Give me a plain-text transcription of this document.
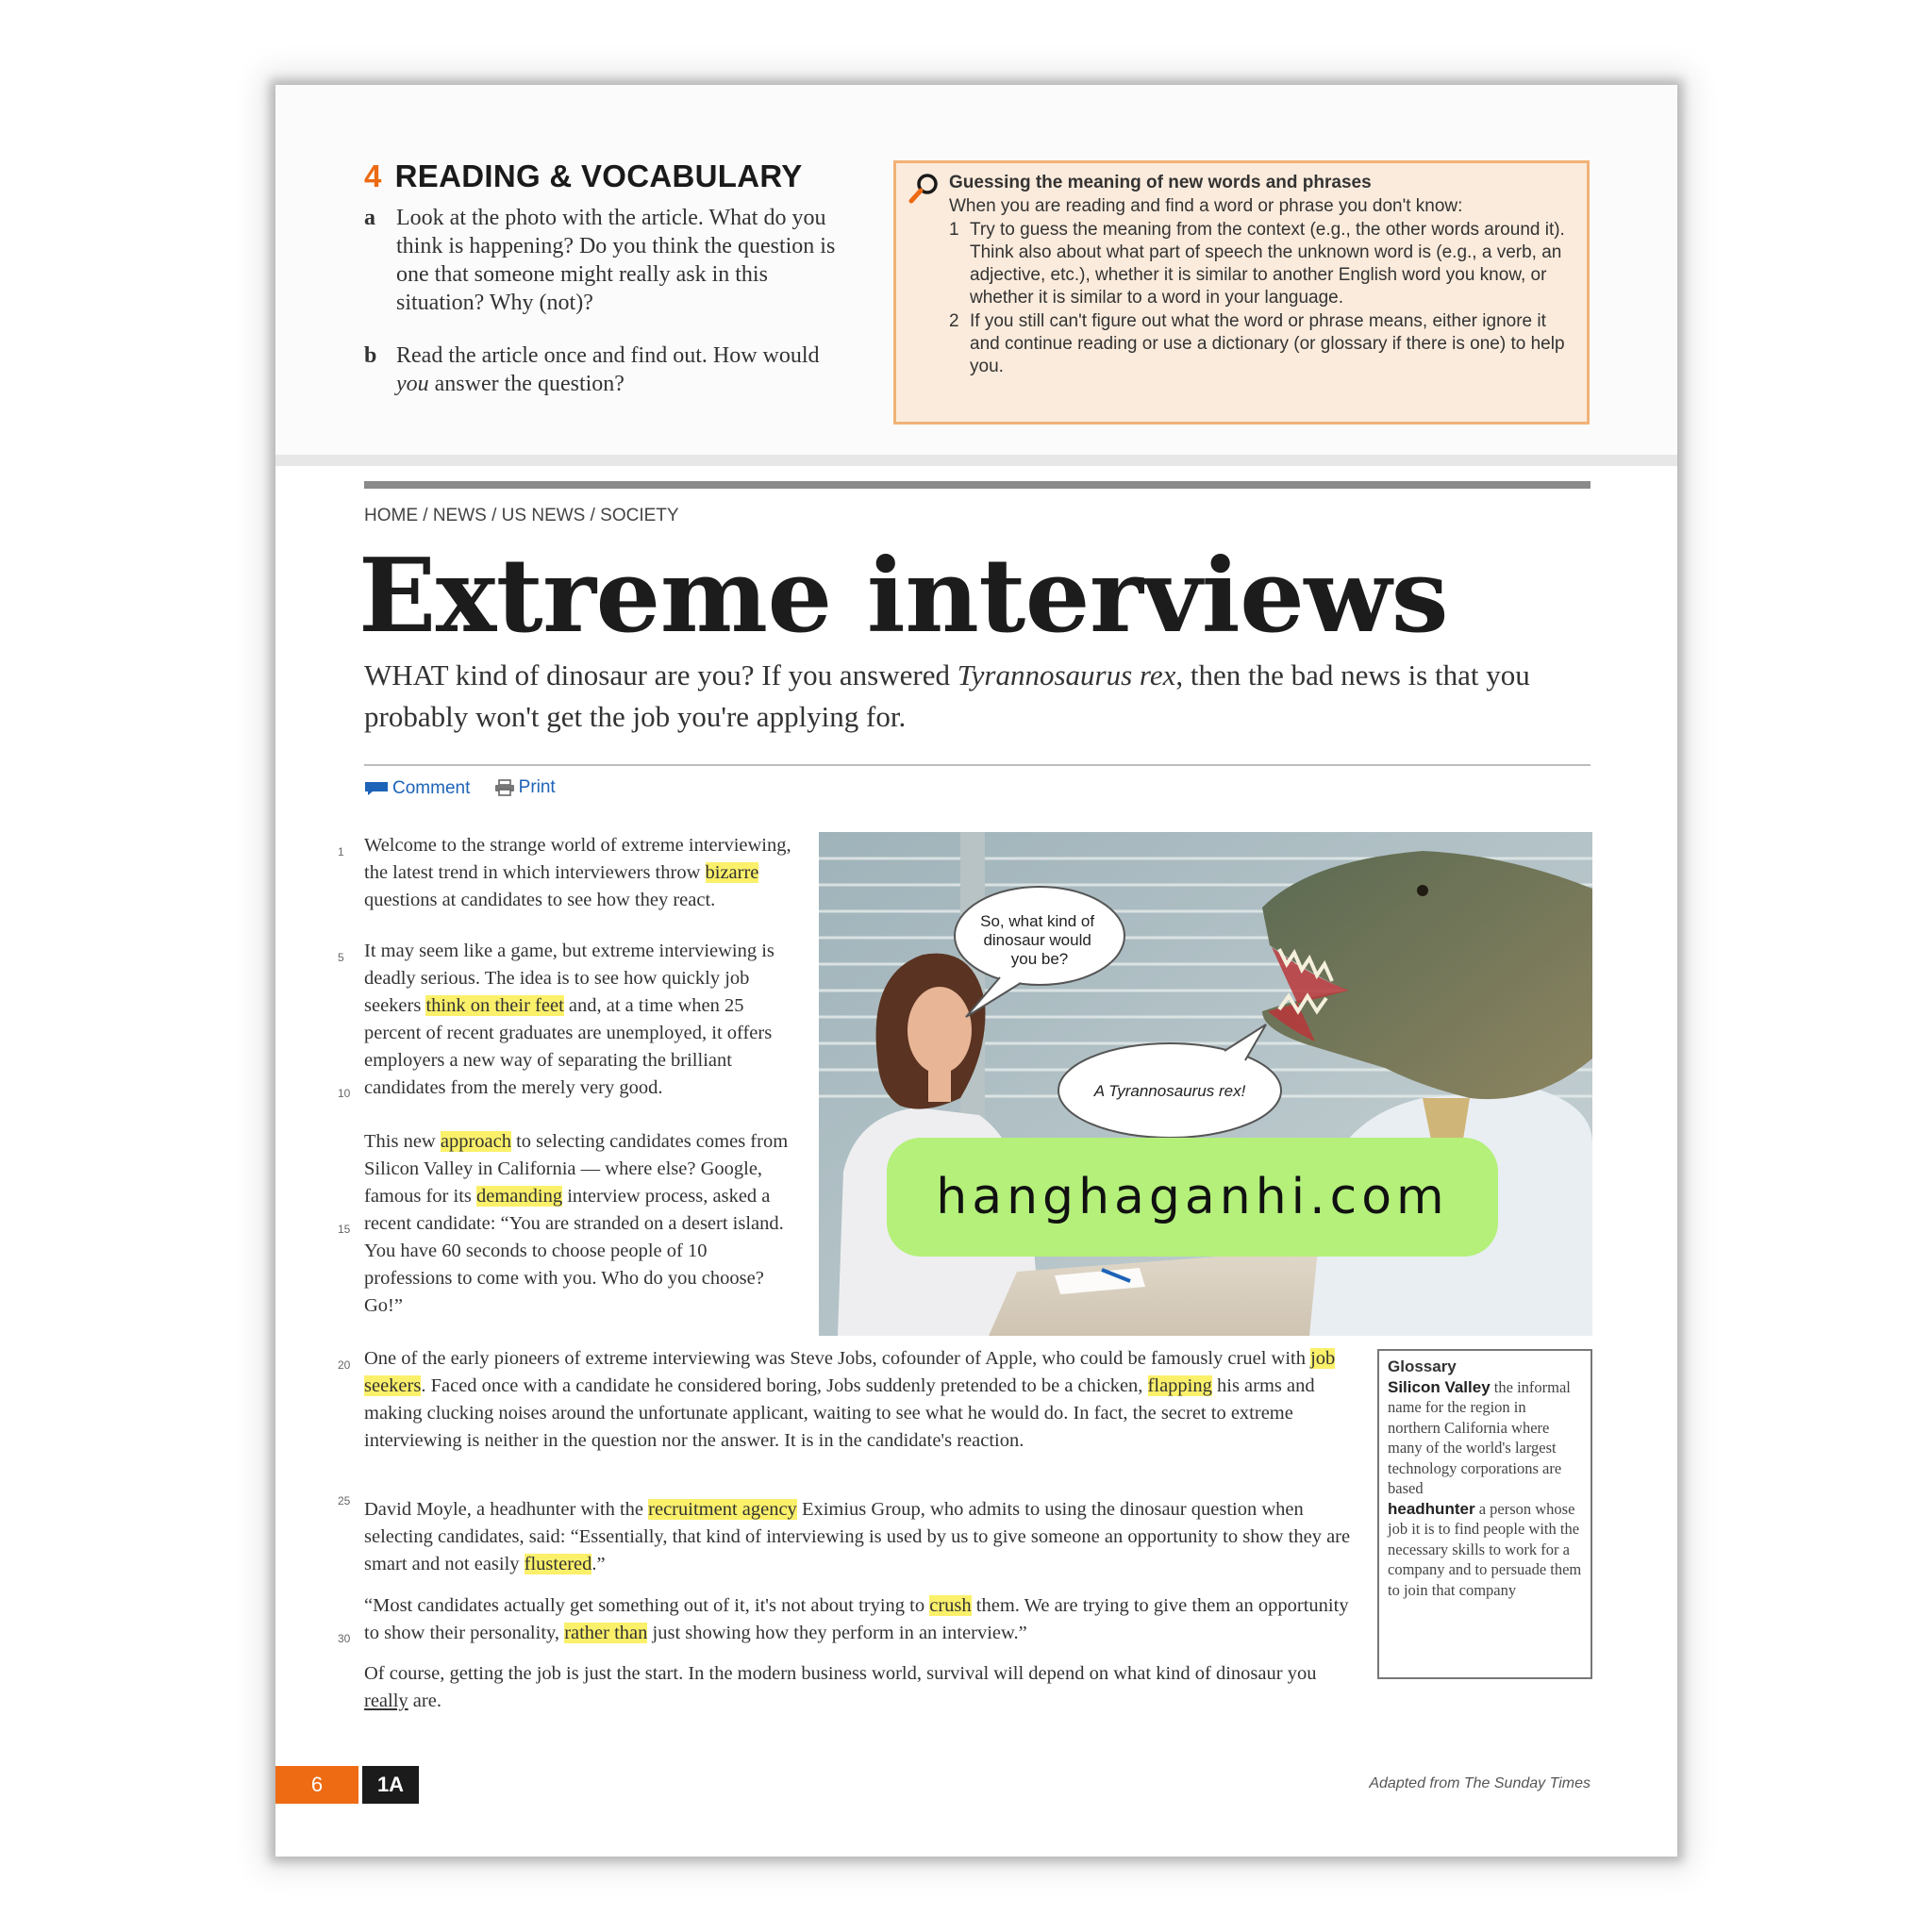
4 READING & VOCABULARY
a Look at the photo with the article. What do you think is happening? Do you think the question is one that someone might really ask in this situation? Why (not)?
b Read the article once and find out. How would you answer the question?
Guessing the meaning of new words and phrases
When you are reading and find a word or phrase you don't know:
1 Try to guess the meaning from the context (e.g., the other words around it). Think also about what part of speech the unknown word is (e.g., a verb, an adjective, etc.), whether it is similar to another English word you know, or whether it is similar to a word in your language.
2 If you still can't figure out what the word or phrase means, either ignore it and continue reading or use a dictionary (or glossary if there is one) to help you.
HOME / NEWS / US NEWS / SOCIETY
Extreme interviews
WHAT kind of dinosaur are you? If you answered Tyrannosaurus rex, then the bad news is that you probably won't get the job you're applying for.
Comment
	Print
1
5
10
15
20
25
30
Welcome to the strange world of extreme interviewing, the latest trend in which interviewers throw bizarre questions at candidates to see how they react.
It may seem like a game, but extreme interviewing is deadly serious. The idea is to see how quickly job seekers think on their feet and, at a time when 25 percent of recent graduates are unemployed, it offers employers a new way of separating the brilliant candidates from the merely very good.
This new approach to selecting candidates comes from Silicon Valley in California — where else? Google, famous for its demanding interview process, asked a recent candidate: “You are stranded on a desert island. You have 60 seconds to choose people of 10 professions to come with you. Who do you choose? Go!”
One of the early pioneers of extreme interviewing was Steve Jobs, cofounder of Apple, who could be famously cruel with job seekers. Faced once with a candidate he considered boring, Jobs suddenly pretended to be a chicken, flapping his arms and making clucking noises around the unfortunate applicant, waiting to see what he would do. In fact, the secret to extreme interviewing is neither in the question nor the answer. It is in the candidate's reaction.
David Moyle, a headhunter with the recruitment agency Eximius Group, who admits to using the dinosaur question when selecting candidates, said: “Essentially, that kind of interviewing is used by us to give someone an opportunity to show they are smart and not easily flustered.”
“Most candidates actually get something out of it, it's not about trying to crush them. We are trying to give them an opportunity to show their personality, rather than just showing how they perform in an interview.”
Of course, getting the job is just the start. In the modern business world, survival will depend on what kind of dinosaur you really are.
So, what kind of dinosaur would you be?
A Tyrannosaurus rex!
hanghaganhi.com
Glossary
Silicon Valley the informal name for the region in northern California where many of the world's largest technology corporations are based
headhunter a person whose job it is to find people with the necessary skills to work for a company and to persuade them to join that company
6	1A	Adapted from The Sunday Times
